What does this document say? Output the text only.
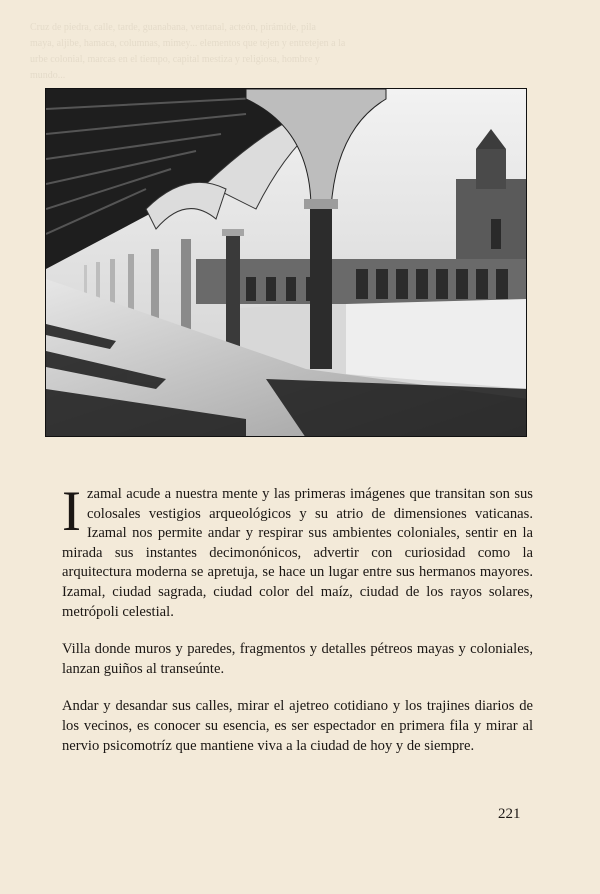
Cruz de piedra, calle, tarde, guanabana, ventanal, acteón, pirámide, pila
maya, aljibe, hamaca, columnas, mimey... elementos que tejen y entretejen a la
urbe colonial, marcas en el tiempo, capital mestiza y religiosa, hombre y
mundo...

Izamal acude a nuestra mente y las primeras imágenes que transitan son sus colosales vestigios arqueológicos y su atrio de dimensiones vaticanas. Izamal nos permite andar y respirar sus ambientes coloniales, sentir en la mirada sus instantes decimonónicos, advertir con curiosidad como la arquitectura moderna se apretuja, se hace un lugar entre sus hermanos mayores. Izamal, ciudad sagrada, ciudad color del maíz, ciudad de los rayos solares, metrópoli celestial.

Villa donde muros y paredes, fragmentos y detalles pétreos mayas y coloniales, lanzan guiños al transeúnte.

Andar y desandar sus calles, mirar el ajetreo cotidiano y los trajines diarios de los vecinos, es conocer su esencia, es ser espectador en primera fila y mirar al nervio psicomotríz que mantiene viva a la ciudad de hoy y de siempre.

221
